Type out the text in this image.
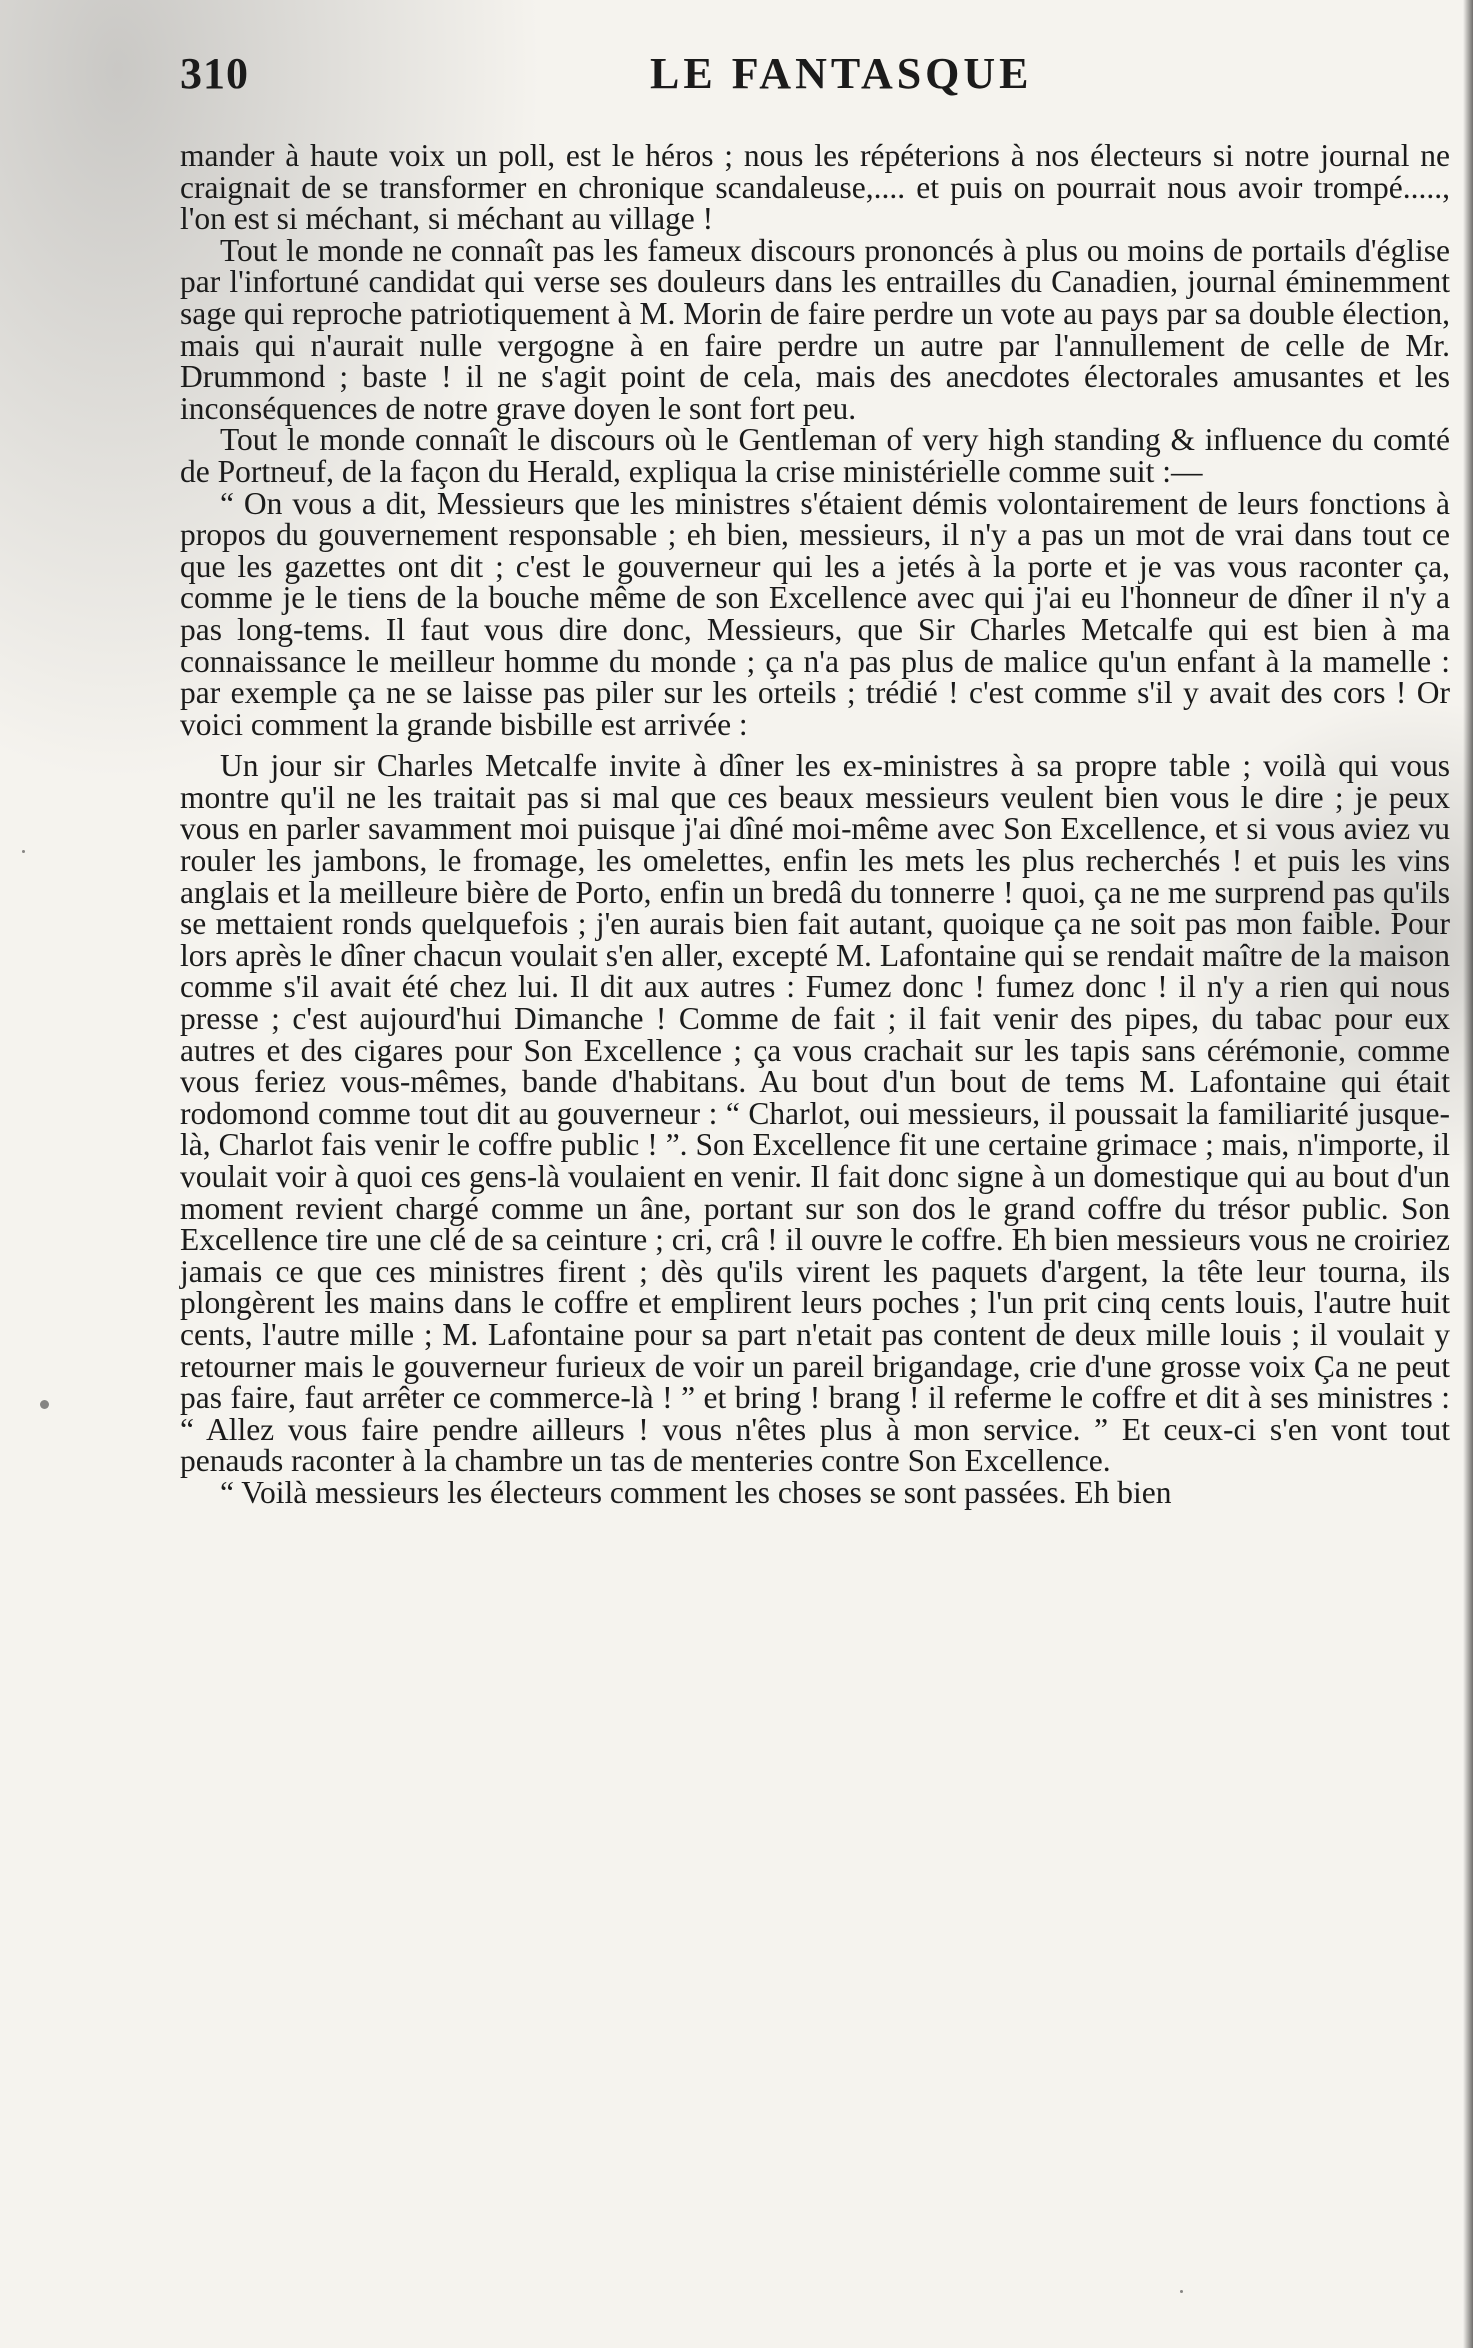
310	LE FANTASQUE

mander à haute voix un poll, est le héros ; nous les répéterions à nos électeurs si notre journal ne craignait de se transformer en chronique scandaleuse,.... et puis on pourrait nous avoir trompé....., l'on est si méchant, si méchant au village !

Tout le monde ne connaît pas les fameux discours prononcés à plus ou moins de portails d'église par l'infortuné candidat qui verse ses douleurs dans les entrailles du Canadien, journal éminemment sage qui reproche patriotiquement à M. Morin de faire perdre un vote au pays par sa double élection, mais qui n'aurait nulle vergogne à en faire perdre un autre par l'annullement de celle de Mr. Drummond ; baste ! il ne s'agit point de cela, mais des anecdotes électorales amusantes et les inconséquences de notre grave doyen le sont fort peu.

Tout le monde connaît le discours où le Gentleman of very high standing & influence du comté de Portneuf, de la façon du Herald, expliqua la crise ministérielle comme suit :—

“ On vous a dit, Messieurs que les ministres s'étaient démis volontairement de leurs fonctions à propos du gouvernement responsable ; eh bien, messieurs, il n'y a pas un mot de vrai dans tout ce que les gazettes ont dit ; c'est le gouverneur qui les a jetés à la porte et je vas vous raconter ça, comme je le tiens de la bouche même de son Excellence avec qui j'ai eu l'honneur de dîner il n'y a pas long-tems. Il faut vous dire donc, Messieurs, que Sir Charles Metcalfe qui est bien à ma connaissance le meilleur homme du monde ; ça n'a pas plus de malice qu'un enfant à la mamelle : par exemple ça ne se laisse pas piler sur les orteils ; trédié ! c'est comme s'il y avait des cors ! Or voici comment la grande bisbille est arrivée :

Un jour sir Charles Metcalfe invite à dîner les ex-ministres à sa propre table ; voilà qui vous montre qu'il ne les traitait pas si mal que ces beaux messieurs veulent bien vous le dire ; je peux vous en parler savamment moi puisque j'ai dîné moi-même avec Son Excellence, et si vous aviez vu rouler les jambons, le fromage, les omelettes, enfin les mets les plus recherchés ! et puis les vins anglais et la meilleure bière de Porto, enfin un bredâ du tonnerre ! quoi, ça ne me surprend pas qu'ils se mettaient ronds quelquefois ; j'en aurais bien fait autant, quoique ça ne soit pas mon faible. Pour lors après le dîner chacun voulait s'en aller, excepté M. Lafontaine qui se rendait maître de la maison comme s'il avait été chez lui. Il dit aux autres : Fumez donc ! fumez donc ! il n'y a rien qui nous presse ; c'est aujourd'hui Dimanche ! Comme de fait ; il fait venir des pipes, du tabac pour eux autres et des cigares pour Son Excellence ; ça vous crachait sur les tapis sans cérémonie, comme vous feriez vous-mêmes, bande d'habitans. Au bout d'un bout de tems M. Lafontaine qui était rodomond comme tout dit au gouverneur : “ Charlot, oui messieurs, il poussait la familiarité jusque-là, Charlot fais venir le coffre public ! ”. Son Excellence fit une certaine grimace ; mais, n'importe, il voulait voir à quoi ces gens-là voulaient en venir. Il fait donc signe à un domestique qui au bout d'un moment revient chargé comme un âne, portant sur son dos le grand coffre du trésor public. Son Excellence tire une clé de sa ceinture ; cri, crâ ! il ouvre le coffre. Eh bien messieurs vous ne croiriez jamais ce que ces ministres firent ; dès qu'ils virent les paquets d'argent, la tête leur tourna, ils plongèrent les mains dans le coffre et emplirent leurs poches ; l'un prit cinq cents louis, l'autre huit cents, l'autre mille ; M. Lafontaine pour sa part n'etait pas content de deux mille louis ; il voulait y retourner mais le gouverneur furieux de voir un pareil brigandage, crie d'une grosse voix Ça ne peut pas faire, faut arrêter ce commerce-là ! ” et bring ! brang ! il referme le coffre et dit à ses ministres : “ Allez vous faire pendre ailleurs ! vous n'êtes plus à mon service. ” Et ceux-ci s'en vont tout penauds raconter à la chambre un tas de menteries contre Son Excellence.

“ Voilà messieurs les électeurs comment les choses se sont passées. Eh bien
